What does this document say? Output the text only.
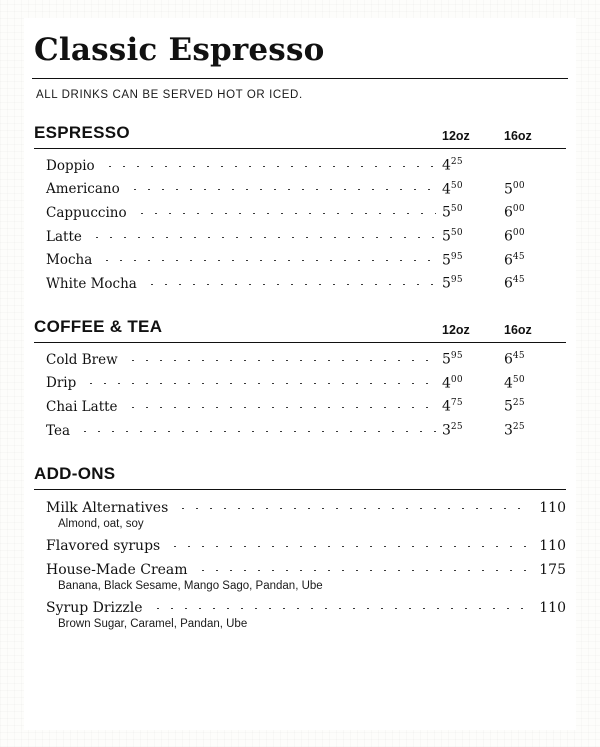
Classic Espresso
ALL DRINKS CAN BE SERVED HOT OR ICED.
ESPRESSO	12oz	16oz
Doppio	$4^{25}$
Americano	$4^{50}$	$5^{00}$
Cappuccino	$5^{50}$	$6^{00}$
Latte	$5^{50}$	$6^{00}$
Mocha	$5^{95}$	$6^{45}$
White Mocha	$5^{95}$	$6^{45}$
COFFEE & TEA	12oz	16oz
Cold Brew	$5^{95}$	$6^{45}$
Drip	$4^{00}$	$4^{50}$
Chai Latte	$4^{75}$	$5^{25}$
Tea	$3^{25}$	$3^{25}$
ADD-ONS
Milk Alternatives	110
Almond, oat, soy
Flavored syrups	110
House-Made Cream	175
Banana, Black Sesame, Mango Sago, Pandan, Ube
Syrup Drizzle	110
Brown Sugar, Caramel, Pandan, Ube
